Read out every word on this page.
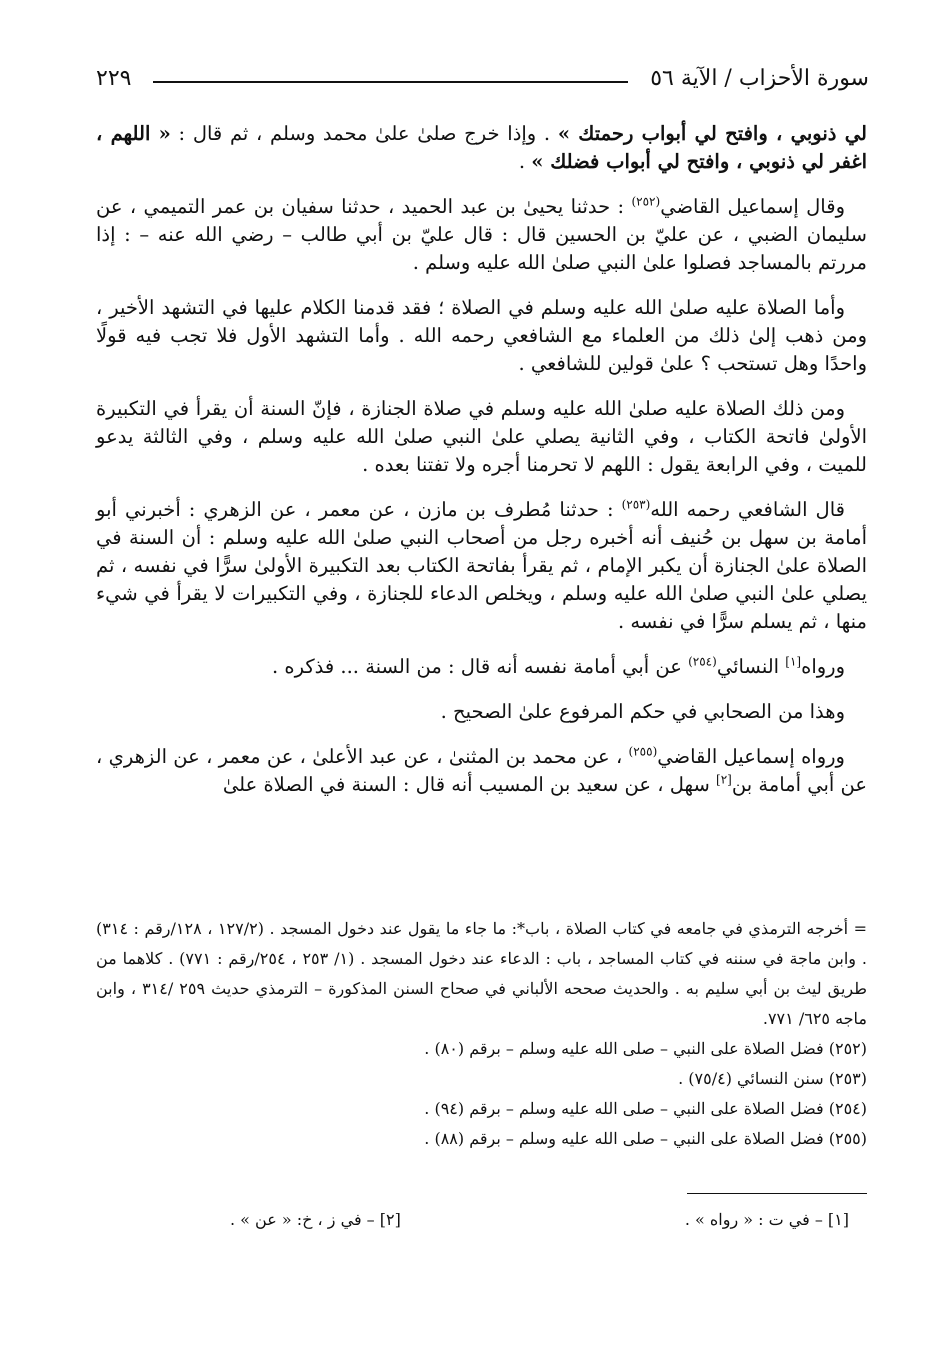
سورة الأحزاب / الآية ٥٦
٢٢٩

لي ذنوبي ، وافتح لي أبواب رحمتك » . وإذا خرج صلىٰ علىٰ محمد وسلم ، ثم قال : « اللهم ، اغفر لي ذنوبي ، وافتح لي أبواب فضلك » .

وقال إسماعيل القاضي$^{(٢٥٢)}$ : حدثنا يحيىٰ بن عبد الحميد ، حدثنا سفيان بن عمر التميمي ، عن سليمان الضبي ، عن عليّ بن الحسين قال : قال عليّ بن أبي طالب – رضي الله عنه – : إذا مررتم بالمساجد فصلوا علىٰ النبي صلىٰ الله عليه وسلم .

وأما الصلاة عليه صلىٰ الله عليه وسلم في الصلاة ؛ فقد قدمنا الكلام عليها في التشهد الأخير ، ومن ذهب إلىٰ ذلك من العلماء مع الشافعي رحمه الله . وأما التشهد الأول فلا تجب فيه قولًا واحدًا وهل تستحب ؟ علىٰ قولين للشافعي .

ومن ذلك الصلاة عليه صلىٰ الله عليه وسلم في صلاة الجنازة ، فإنّ السنة أن يقرأ في التكبيرة الأولىٰ فاتحة الكتاب ، وفي الثانية يصلي علىٰ النبي صلىٰ الله عليه وسلم ، وفي الثالثة يدعو للميت ، وفي الرابعة يقول : اللهم لا تحرمنا أجره ولا تفتنا بعده .

قال الشافعي رحمه الله$^{(٢٥٣)}$ : حدثنا مُطرف بن مازن ، عن معمر ، عن الزهري : أخبرني أبو أمامة بن سهل بن حُنيف أنه أخبره رجل من أصحاب النبي صلىٰ الله عليه وسلم : أن السنة في الصلاة علىٰ الجنازة أن يكبر الإمام ، ثم يقرأ بفاتحة الكتاب بعد التكبيرة الأولىٰ سرًّا في نفسه ، ثم يصلي علىٰ النبي صلىٰ الله عليه وسلم ، ويخلص الدعاء للجنازة ، وفي التكبيرات لا يقرأ في شيء منها ، ثم يسلم سرًّا في نفسه .

ورواه[١] النسائي$^{(٢٥٤)}$ عن أبي أمامة نفسه أنه قال : من السنة ... فذكره .

وهذا من الصحابي في حكم المرفوع علىٰ الصحيح .

ورواه إسماعيل القاضي$^{(٢٥٥)}$ ، عن محمد بن المثنىٰ ، عن عبد الأعلىٰ ، عن معمر ، عن الزهري ، عن أبي أمامة بن[٢] سهل ، عن سعيد بن المسيب أنه قال : السنة في الصلاة علىٰ

= أخرجه الترمذي في جامعه في كتاب الصلاة ، باب*: ما جاء ما يقول عند دخول المسجد . (١٢٧/٢ ، ١٢٨/رقم : ٣١٤) . وابن ماجة في سننه في كتاب المساجد ، باب : الدعاء عند دخول المسجد . (١/ ٢٥٣ ، ٢٥٤/رقم : ٧٧١) . كلاهما من طريق ليث بن أبي سليم به . والحديث صححه الألباني في صحاح السنن المذكورة – الترمذي حديث ٢٥٩ /٣١٤ ، وابن ماجه ٦٢٥/ ٧٧١.

(٢٥٢) فضل الصلاة على النبي – صلى الله عليه وسلم – برقم (٨٠) .

(٢٥٣) سنن النسائي (٧٥/٤) .

(٢٥٤) فضل الصلاة على النبي – صلى الله عليه وسلم – برقم (٩٤) .

(٢٥٥) فضل الصلاة على النبي – صلى الله عليه وسلم – برقم (٨٨) .

[١] – في ت : « رواه » .
[٢] – في ز ، خ: « عن » .
